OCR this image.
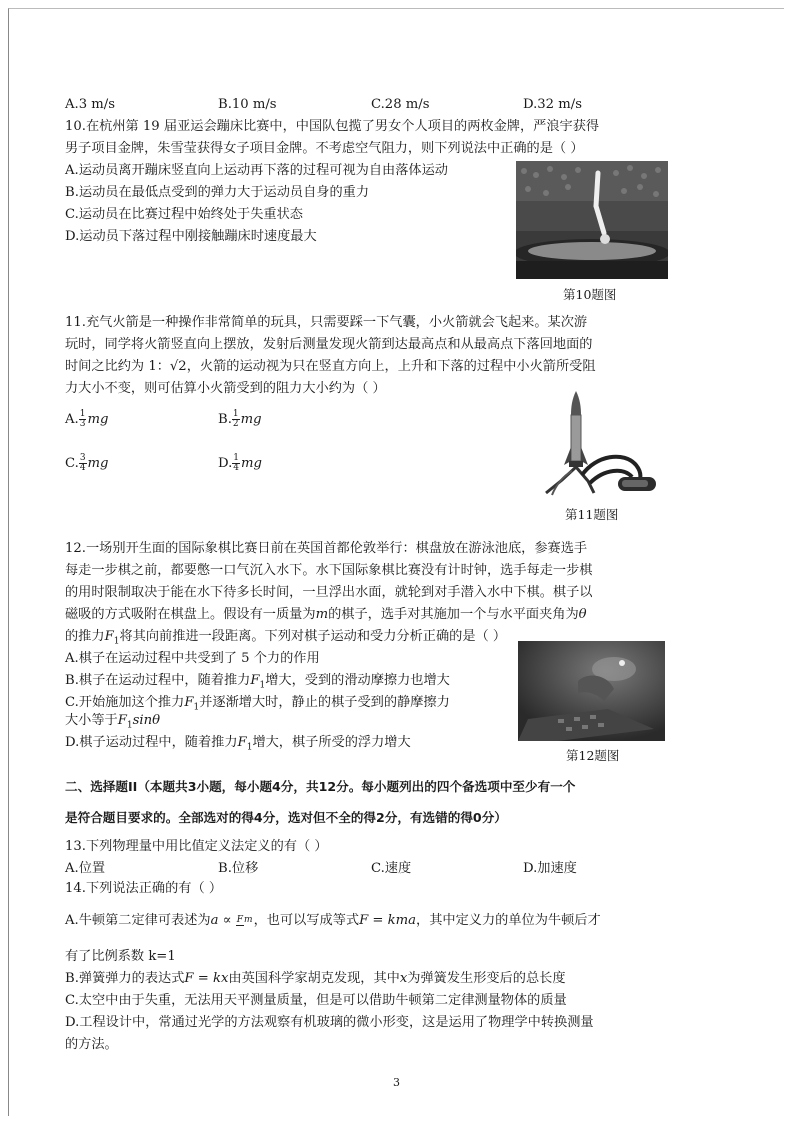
A.3 m/s	B.10 m/s	C.28 m/s	D.32 m/s
10.在杭州第 19 届亚运会蹦床比赛中，中国队包揽了男女个人项目的两枚金牌，严浪宇获得
男子项目金牌，朱雪莹获得女子项目金牌。不考虑空气阻力，则下列说法中正确的是（ ）
A.运动员离开蹦床竖直向上运动再下落的过程可视为自由落体运动
B.运动员在最低点受到的弹力大于运动员自身的重力
C.运动员在比赛过程中始终处于失重状态
D.运动员下落过程中刚接触蹦床时速度最大
第10题图
11.充气火箭是一种操作非常简单的玩具，只需要踩一下气囊，小火箭就会飞起来。某次游
玩时，同学将火箭竖直向上摆放，发射后测量发现火箭到达最高点和从最高点下落回地面的
时间之比约为 1：√2，火箭的运动视为只在竖直方向上，上升和下落的过程中小火箭所受阻
力大小不变，则可估算小火箭受到的阻力大小约为（ ）
A. $\frac{1}{3}$ mg	B. $\frac{1}{2}$ mg
C. $\frac{3}{4}$ mg	D. $\frac{1}{4}$ mg
第11题图
12.一场别开生面的国际象棋比赛日前在英国首都伦敦举行：棋盘放在游泳池底，参赛选手
每走一步棋之前，都要憋一口气沉入水下。水下国际象棋比赛没有计时钟，选手每走一步棋
的用时限制取决于能在水下待多长时间，一旦浮出水面，就轮到对手潜入水中下棋。棋子以
磁吸的方式吸附在棋盘上。假设有一质量为m的棋子，选手对其施加一个与水平面夹角为θ
的推力$F_1$将其向前推进一段距离。下列对棋子运动和受力分析正确的是（ ）
A.棋子在运动过程中共受到了 5 个力的作用
B.棋子在运动过程中，随着推力$F_1$增大，受到的滑动摩擦力也增大
C.开始施加这个推力$F_1$并逐渐增大时，静止的棋子受到的静摩擦力
大小等于$F_1\sin\theta$
D.棋子运动过程中，随着推力$F_1$增大，棋子所受的浮力增大
第12题图
二、选择题II（本题共3小题，每小题4分，共12分。每小题列出的四个备选项中至少有一个
是符合题目要求的。全部选对的得4分，选对但不全的得2分，有选错的得0分）
13.下列物理量中用比值定义法定义的有（ ）
A.位置	B.位移	C.速度	D.加速度
14.下列说法正确的有（ ）
A.牛顿第二定律可表述为a ∝ Fm，也可以写成等式F = kma，其中定义力的单位为牛顿后才
有了比例系数 k=1
B.弹簧弹力的表达式F = kx由英国科学家胡克发现，其中x为弹簧发生形变后的总长度
C.太空中由于失重，无法用天平测量质量，但是可以借助牛顿第二定律测量物体的质量
D.工程设计中，常通过光学的方法观察有机玻璃的微小形变，这是运用了物理学中转换测量
的方法。
3
